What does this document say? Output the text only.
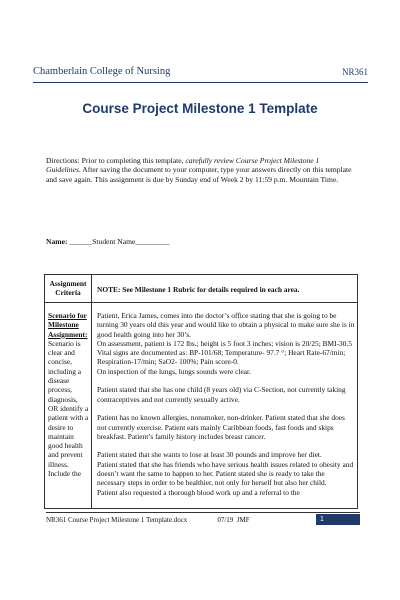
Chamberlain College of Nursing	NR361
Course Project Milestone 1 Template
Directions: Prior to completing this template, carefully review Course Project Milestone 1 Guidelines. After saving the document to your computer, type your answers directly on this template and save again. This assignment is due by Sunday end of Week 2 by 11:59 p.m. Mountain Time.
Name: ______Student Name_________
Assignment Criteria	NOTE: See Milestone 1 Rubric for details required in each area.
Scenario for Milestone Assignment:
Scenario is clear and concise, including a disease process, diagnosis, OR identify a patient with a desire to maintain good health and prevent illness. Include the

Patient, Erica James, comes into the doctor’s office stating that she is going to be turning 30 years old this year and would like to obtain a physical to make sure she is in good health going into her 30’s.

On assessment, patient is 172 lbs.; height is 5 foot 3 inches; vision is 20/25; BMI-30.5

Vital signs are documented as: BP-101/68; Temperature- 97.7 °; Heart Rate-67/min; Respiration-17/min; SaO2- 100%; Pain score-0.

On inspection of the lungs, lungs sounds were clear.

Patient stated that she has one child (8 years old) via C-Section, not currently taking contraceptives and not currently sexually active.

Patient has no known allergies, nonsmoker, non-drinker. Patient stated that she does not currently exercise. Patient eats mainly Caribbean foods, fast foods and skips breakfast. Patient’s family history includes breast cancer.

Patient stated that she wants to lose at least 30 pounds and improve her diet.

Patient stated that she has friends who have serious health issues related to obesity and doesn’t want the same to happen to her. Patient stated she is ready to take the necessary steps in order to be healthier, not only for herself but also her child.

Patient also requested a thorough blood work up and a referral to the

NR361 Course Project Milestone 1 Template.docx	07/19 JMF	1
